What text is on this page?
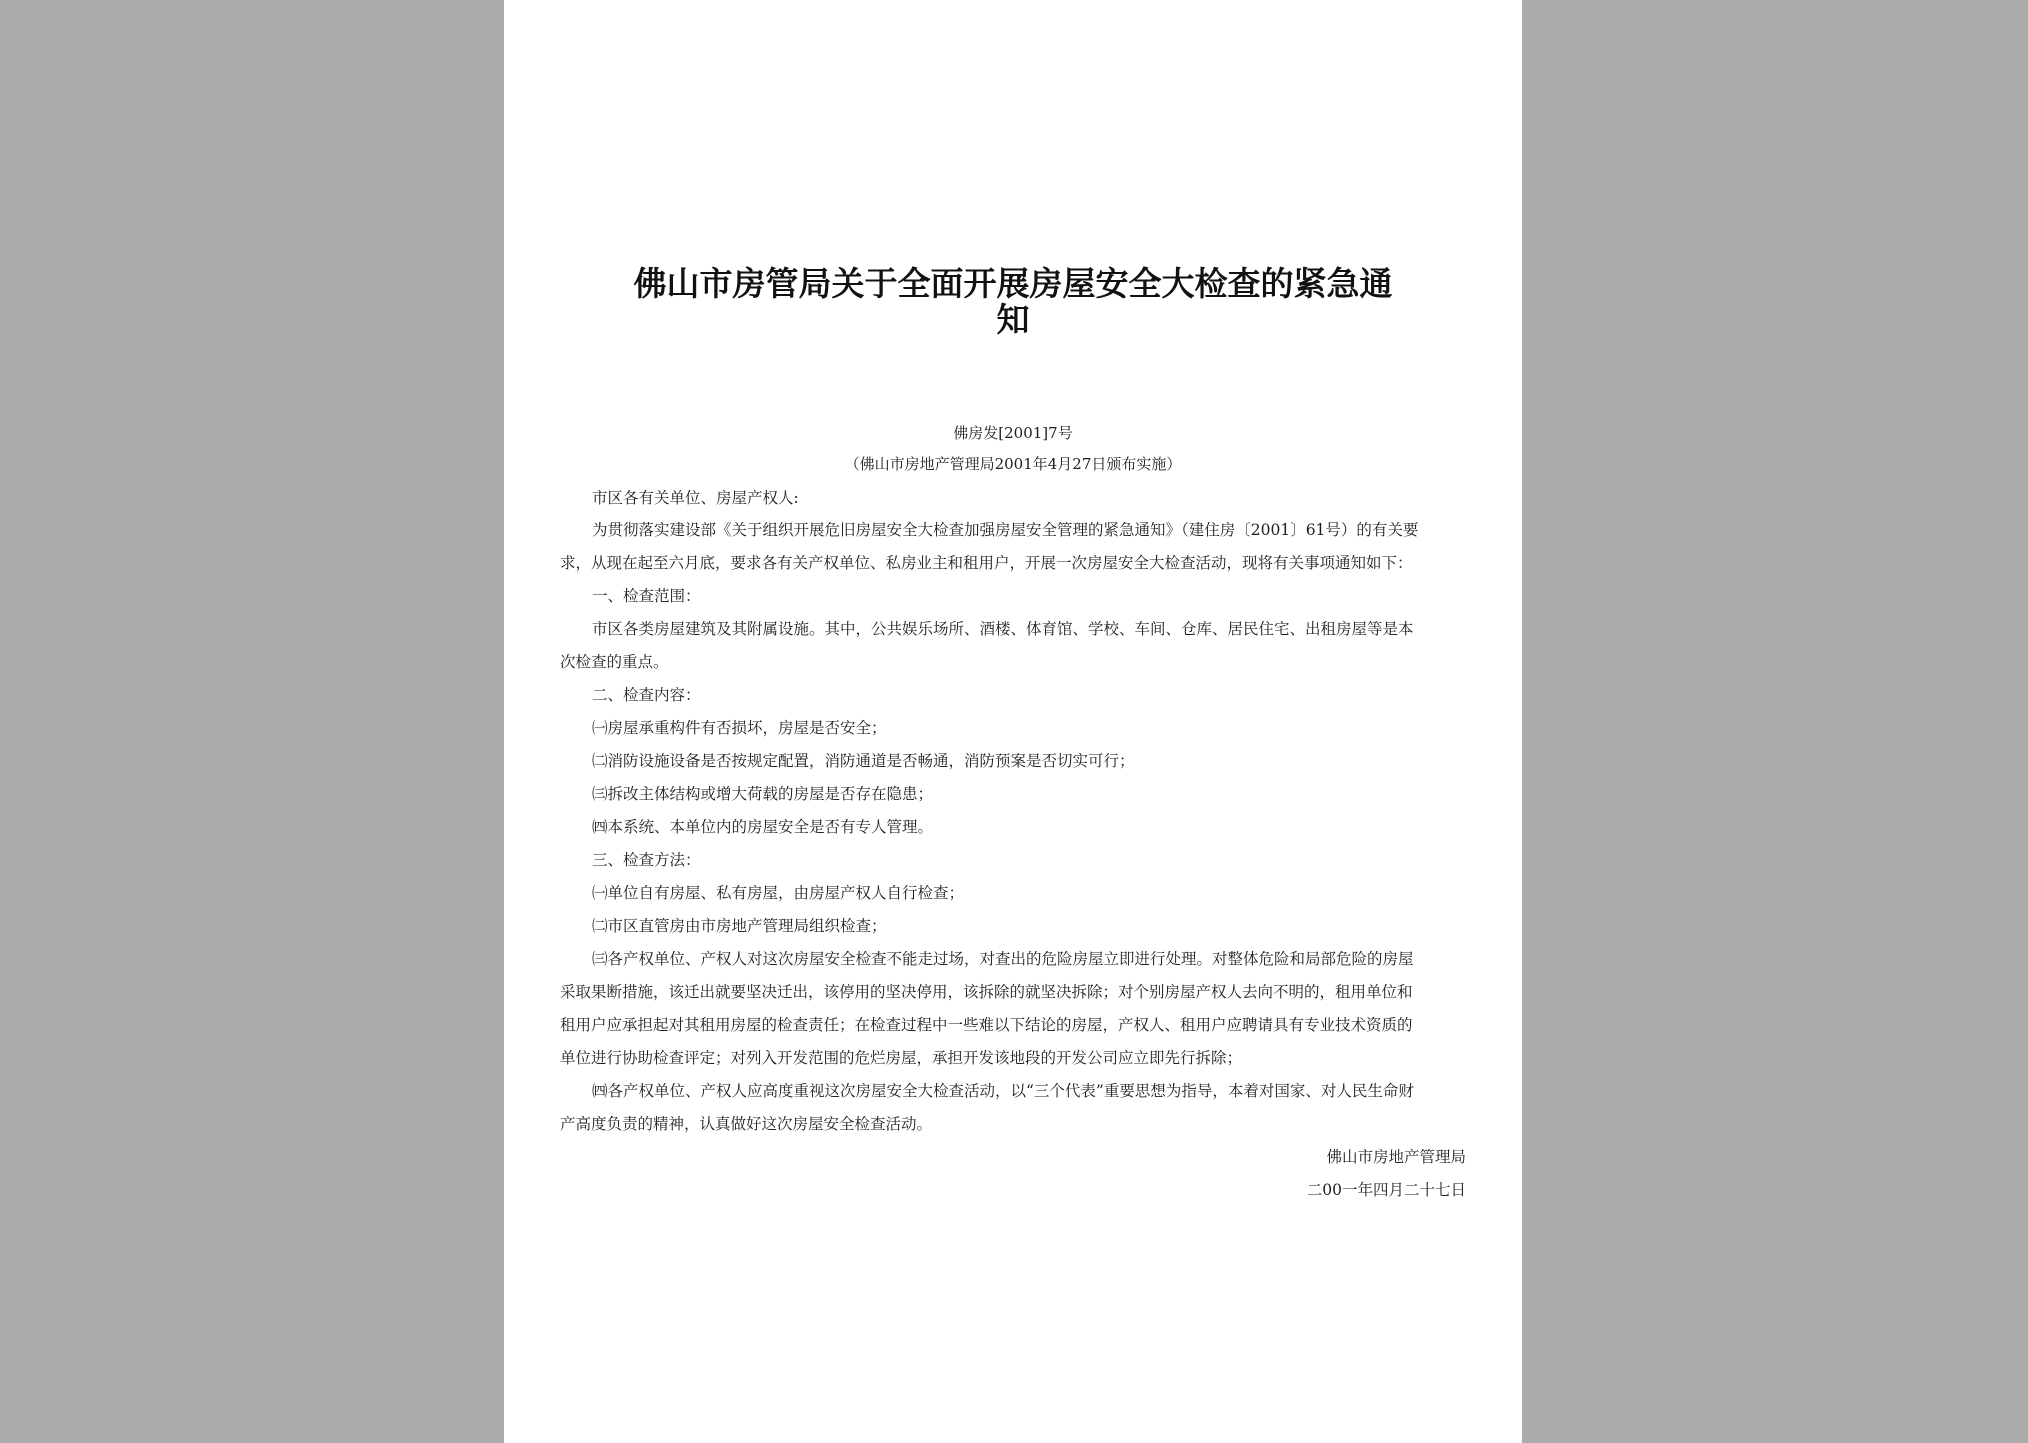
佛山市房管局关于全面开展房屋安全大检查的紧急通
知

佛房发[2001]7号

（佛山市房地产管理局2001年4月27日颁布实施）

市区各有关单位、房屋产权人:

为贯彻落实建设部《关于组织开展危旧房屋安全大检查加强房屋安全管理的紧急通知》（建住房〔2001〕61号）的有关要

求，从现在起至六月底，要求各有关产权单位、私房业主和租用户，开展一次房屋安全大检查活动，现将有关事项通知如下：

一、检查范围：

市区各类房屋建筑及其附属设施。其中，公共娱乐场所、酒楼、体育馆、学校、车间、仓库、居民住宅、出租房屋等是本

次检查的重点。

二、检查内容：

㈠房屋承重构件有否损坏，房屋是否安全；

㈡消防设施设备是否按规定配置，消防通道是否畅通，消防预案是否切实可行；

㈢拆改主体结构或增大荷载的房屋是否存在隐患；

㈣本系统、本单位内的房屋安全是否有专人管理。

三、检查方法：

㈠单位自有房屋、私有房屋，由房屋产权人自行检查；

㈡市区直管房由市房地产管理局组织检查；

㈢各产权单位、产权人对这次房屋安全检查不能走过场，对查出的危险房屋立即进行处理。对整体危险和局部危险的房屋

采取果断措施，该迁出就要坚决迁出，该停用的坚决停用，该拆除的就坚决拆除；对个别房屋产权人去向不明的，租用单位和

租用户应承担起对其租用房屋的检查责任；在检查过程中一些难以下结论的房屋，产权人、租用户应聘请具有专业技术资质的

单位进行协助检查评定；对列入开发范围的危烂房屋，承担开发该地段的开发公司应立即先行拆除；

㈣各产权单位、产权人应高度重视这次房屋安全大检查活动，以“三个代表”重要思想为指导，本着对国家、对人民生命财

产高度负责的精神，认真做好这次房屋安全检查活动。

佛山市房地产管理局

二00一年四月二十七日
